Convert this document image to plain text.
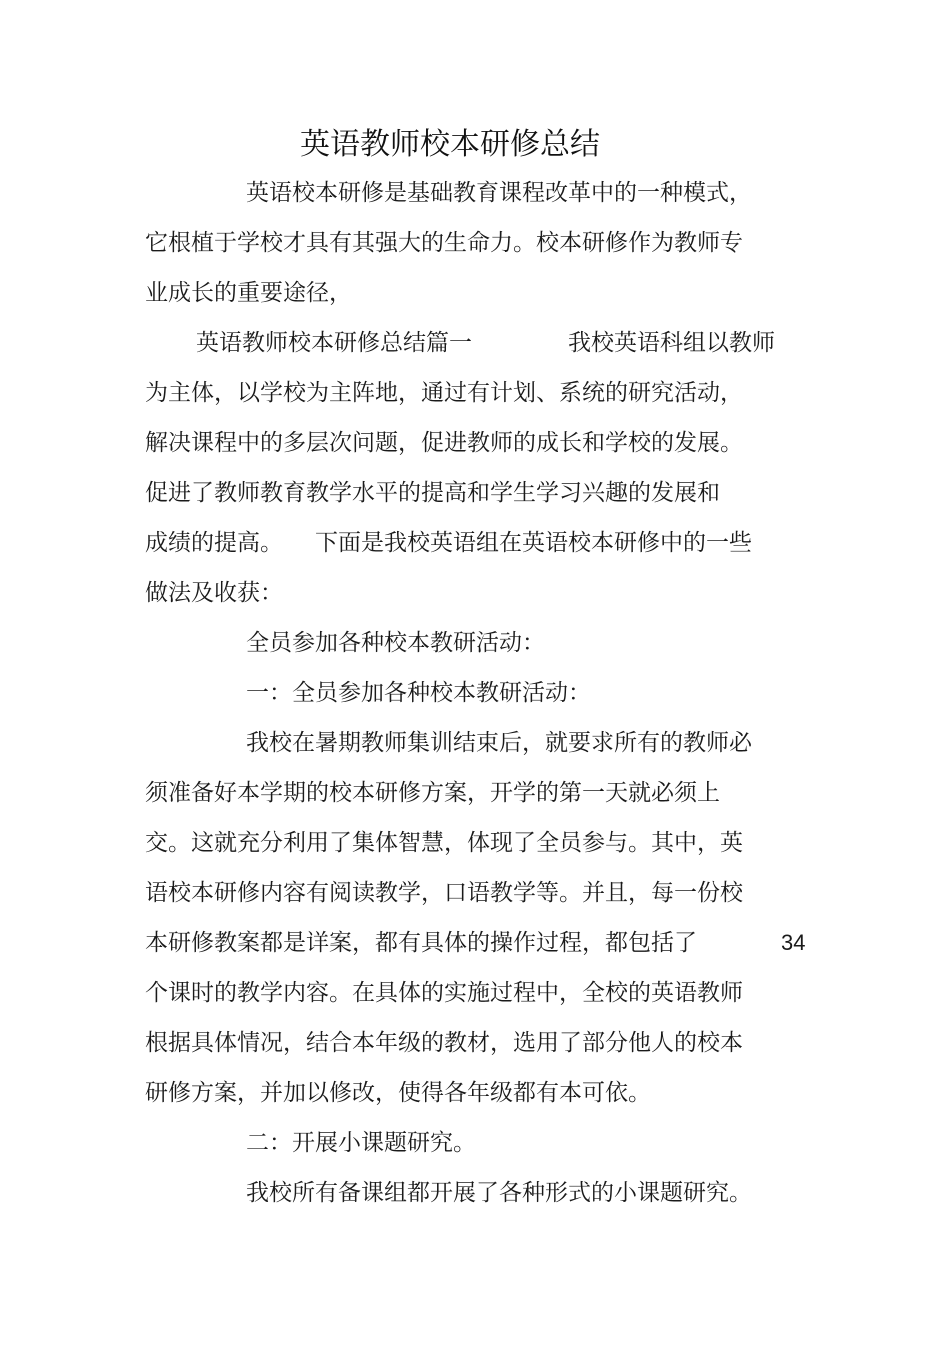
英语教师校本研修总结
英语校本研修是基础教育课程改革中的一种模式，
它根植于学校才具有其强大的生命力。校本研修作为教师专
业成长的重要途径，
英语教师校本研修总结篇一	我校英语科组以教师
为主体，以学校为主阵地，通过有计划、系统的研究活动，
解决课程中的多层次问题，促进教师的成长和学校的发展。
促进了教师教育教学水平的提高和学生学习兴趣的发展和
成绩的提高。 下面是我校英语组在英语校本研修中的一些
做法及收获：
全员参加各种校本教研活动：
一：全员参加各种校本教研活动：
我校在暑期教师集训结束后，就要求所有的教师必
须准备好本学期的校本研修方案，开学的第一天就必须上
交。这就充分利用了集体智慧，体现了全员参与。其中，英
语校本研修内容有阅读教学，口语教学等。并且，每一份校
本研修教案都是详案，都有具体的操作过程，都包括了	34
个课时的教学内容。在具体的实施过程中，全校的英语教师
根据具体情况，结合本年级的教材，选用了部分他人的校本
研修方案，并加以修改，使得各年级都有本可依。
二：开展小课题研究。
我校所有备课组都开展了各种形式的小课题研究。
